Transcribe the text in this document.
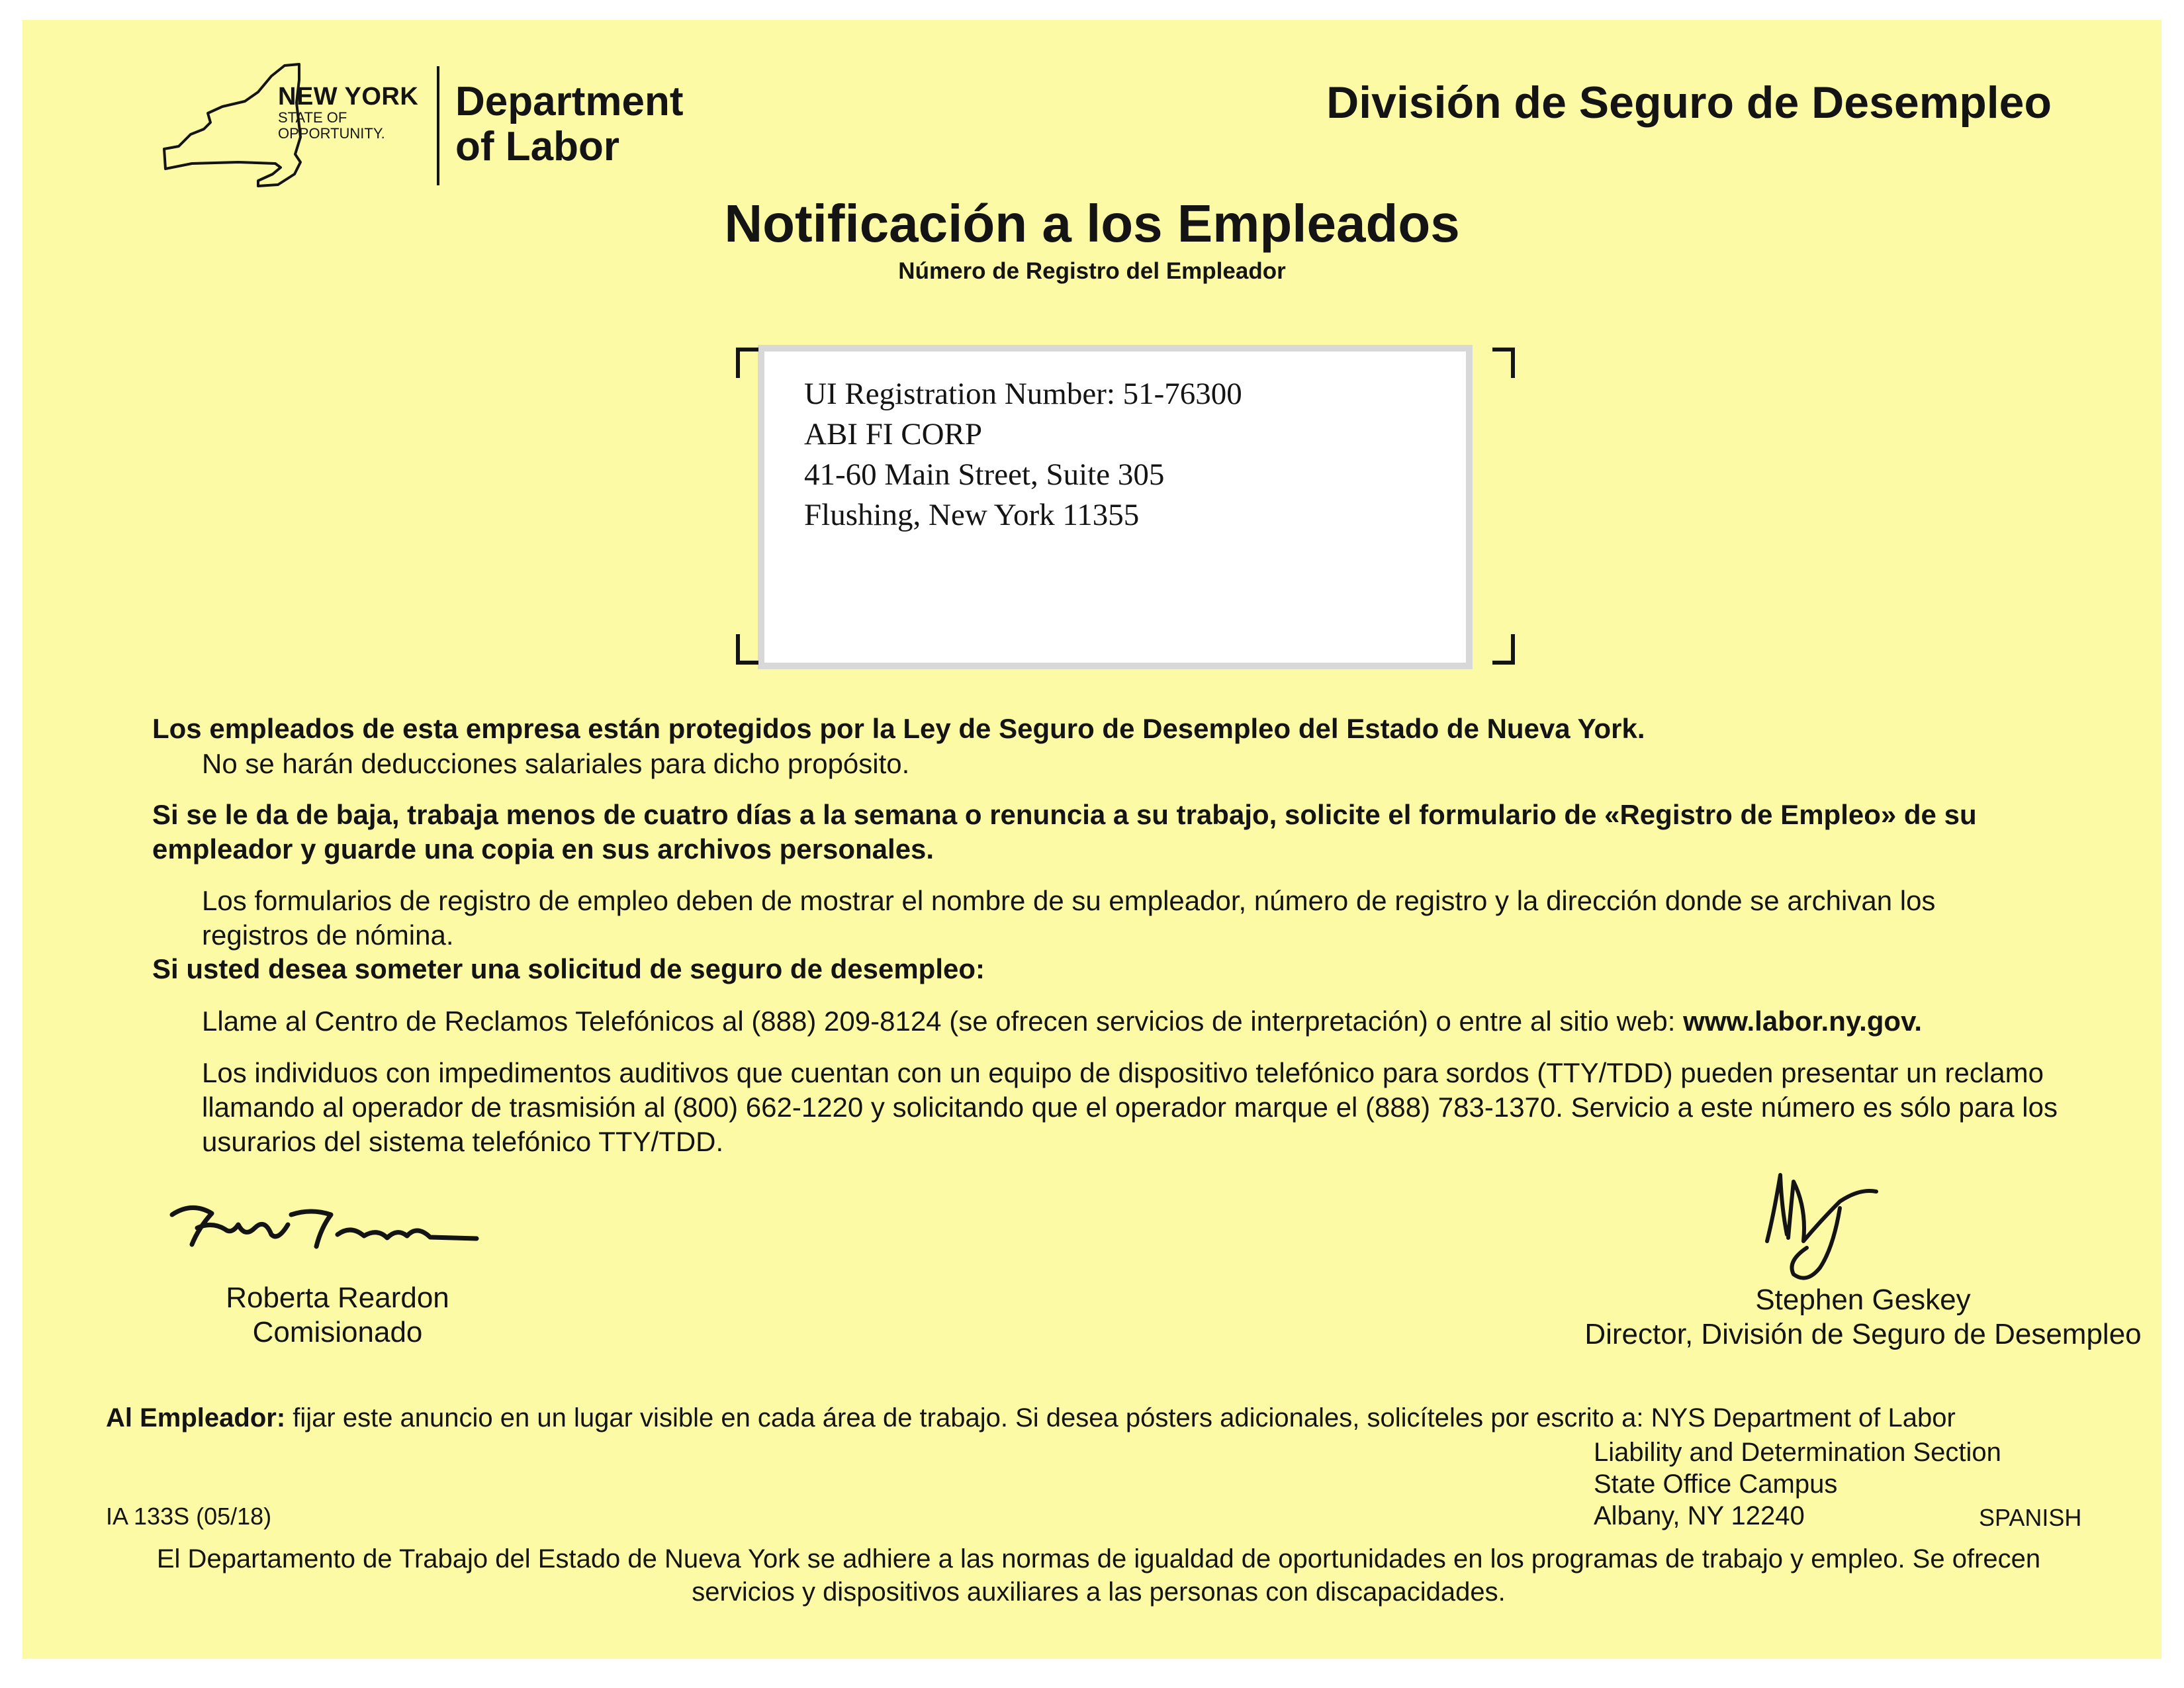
NEW YORK
STATE OF
OPPORTUNITY.
Department
of Labor
División de Seguro de Desempleo
Notificación a los Empleados
Número de Registro del Empleador
UI Registration Number: 51-76300
ABI FI CORP
41-60 Main Street, Suite 305
Flushing, New York 11355
Los empleados de esta empresa están protegidos por la Ley de Seguro de Desempleo del Estado de Nueva York.
No se harán deducciones salariales para dicho propósito.
Si se le da de baja, trabaja menos de cuatro días a la semana o renuncia a su trabajo, solicite el formulario de «Registro de Empleo» de su empleador y guarde una copia en sus archivos personales.
Los formularios de registro de empleo deben de mostrar el nombre de su empleador, número de registro y la dirección donde se archivan los registros de nómina.
Si usted desea someter una solicitud de seguro de desempleo:
Llame al Centro de Reclamos Telefónicos al (888) 209-8124 (se ofrecen servicios de interpretación) o entre al sitio web: www.labor.ny.gov.
Los individuos con impedimentos auditivos que cuentan con un equipo de dispositivo telefónico para sordos (TTY/TDD) pueden presentar un reclamo llamando al operador de trasmisión al (800) 662-1220 y solicitando que el operador marque el (888) 783-1370. Servicio a este número es sólo para los usurarios del sistema telefónico TTY/TDD.
Roberta Reardon
Comisionado
Stephen Geskey
Director, División de Seguro de Desempleo
Al Empleador: fijar este anuncio en un lugar visible en cada área de trabajo. Si desea pósters adicionales, solicíteles por escrito a: NYS Department of Labor
Liability and Determination Section
State Office Campus
Albany, NY 12240
IA 133S (05/18)	SPANISH
El Departamento de Trabajo del Estado de Nueva York se adhiere a las normas de igualdad de oportunidades en los programas de trabajo y empleo. Se ofrecen servicios y dispositivos auxiliares a las personas con discapacidades.
